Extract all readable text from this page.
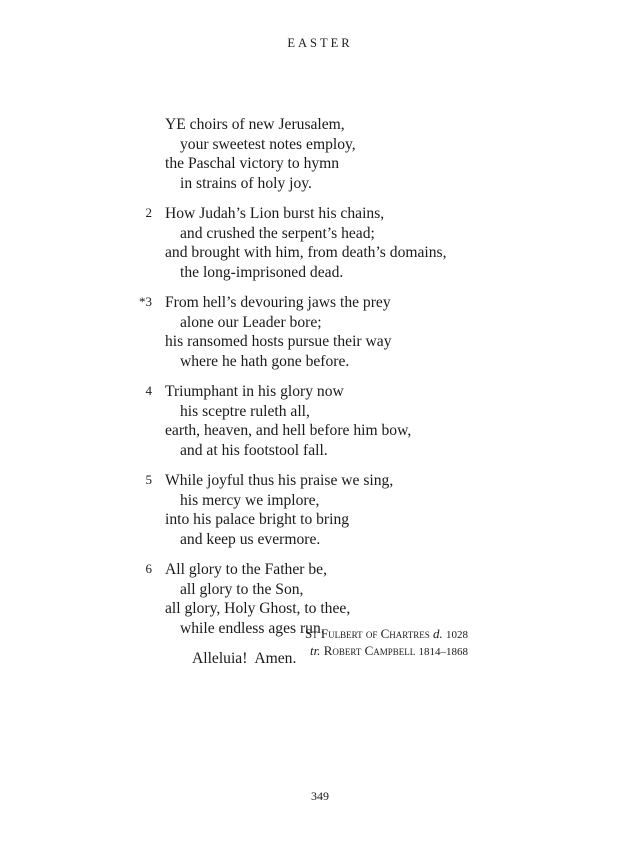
EASTER
YE choirs of new Jerusalem,
your sweetest notes employ,
the Paschal victory to hymn
in strains of holy joy.
2 How Judah’s Lion burst his chains,
and crushed the serpent’s head;
and brought with him, from death’s domains,
the long-imprisoned dead.
*3 From hell’s devouring jaws the prey
alone our Leader bore;
his ransomed hosts pursue their way
where he hath gone before.
4 Triumphant in his glory now
his sceptre ruleth all,
earth, heaven, and hell before him bow,
and at his footstool fall.
5 While joyful thus his praise we sing,
his mercy we implore,
into his palace bright to bring
and keep us evermore.
6 All glory to the Father be,
all glory to the Son,
all glory, Holy Ghost, to thee,
while endless ages run.
Alleluia!  Amen.
St Fulbert of Chartres d. 1028
tr. Robert Campbell 1814–1868
349
